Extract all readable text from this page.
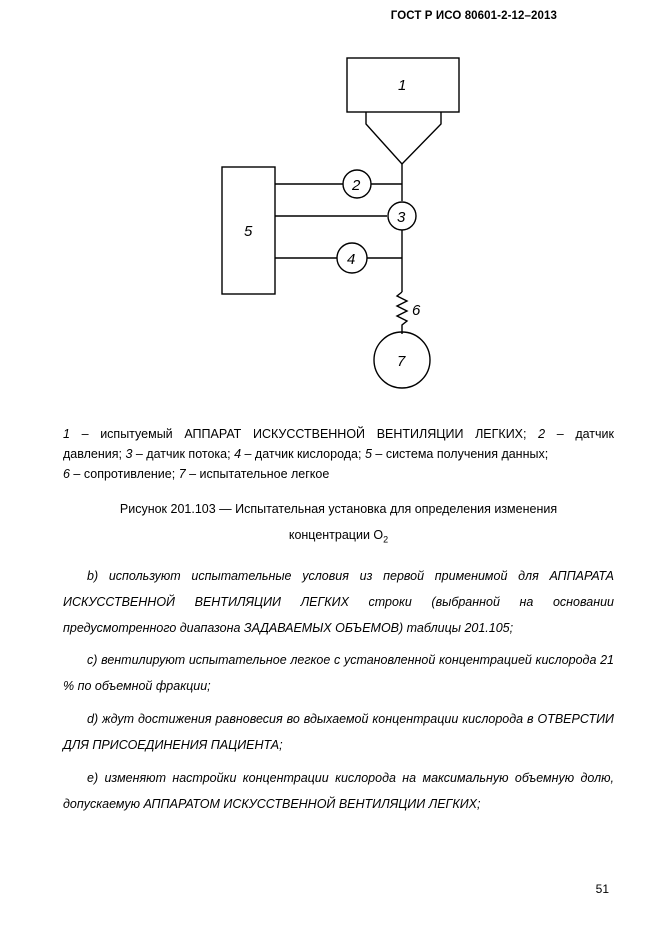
ГОСТ Р ИСО 80601-2-12–2013
1
2
3
4
5
6
7
1 – испытуемый АППАРАТ ИСКУССТВЕННОЙ ВЕНТИЛЯЦИИ ЛЕГКИХ; 2 – датчик
давления; 3 – датчик потока; 4 – датчик кислорода; 5 – система получения данных;
6 – сопротивление; 7 – испытательное легкое
Рисунок 201.103 — Испытательная установка для определения изменения
концентрации $O_2$
b) используют испытательные условия из первой применимой для АППАРАТА ИСКУССТВЕННОЙ ВЕНТИЛЯЦИИ ЛЕГКИХ строки (выбранной на основании предусмотренного диапазона ЗАДАВАЕМЫХ ОБЪЕМОВ) таблицы 201.105;
c) вентилируют испытательное легкое с установленной концентрацией кислорода 21 % по объемной фракции;
d) ждут достижения равновесия во вдыхаемой концентрации кислорода в ОТВЕРСТИИ ДЛЯ ПРИСОЕДИНЕНИЯ ПАЦИЕНТА;
e) изменяют настройки концентрации кислорода на максимальную объемную долю, допускаемую АППАРАТОМ ИСКУССТВЕННОЙ ВЕНТИЛЯЦИИ ЛЕГКИХ;
51
